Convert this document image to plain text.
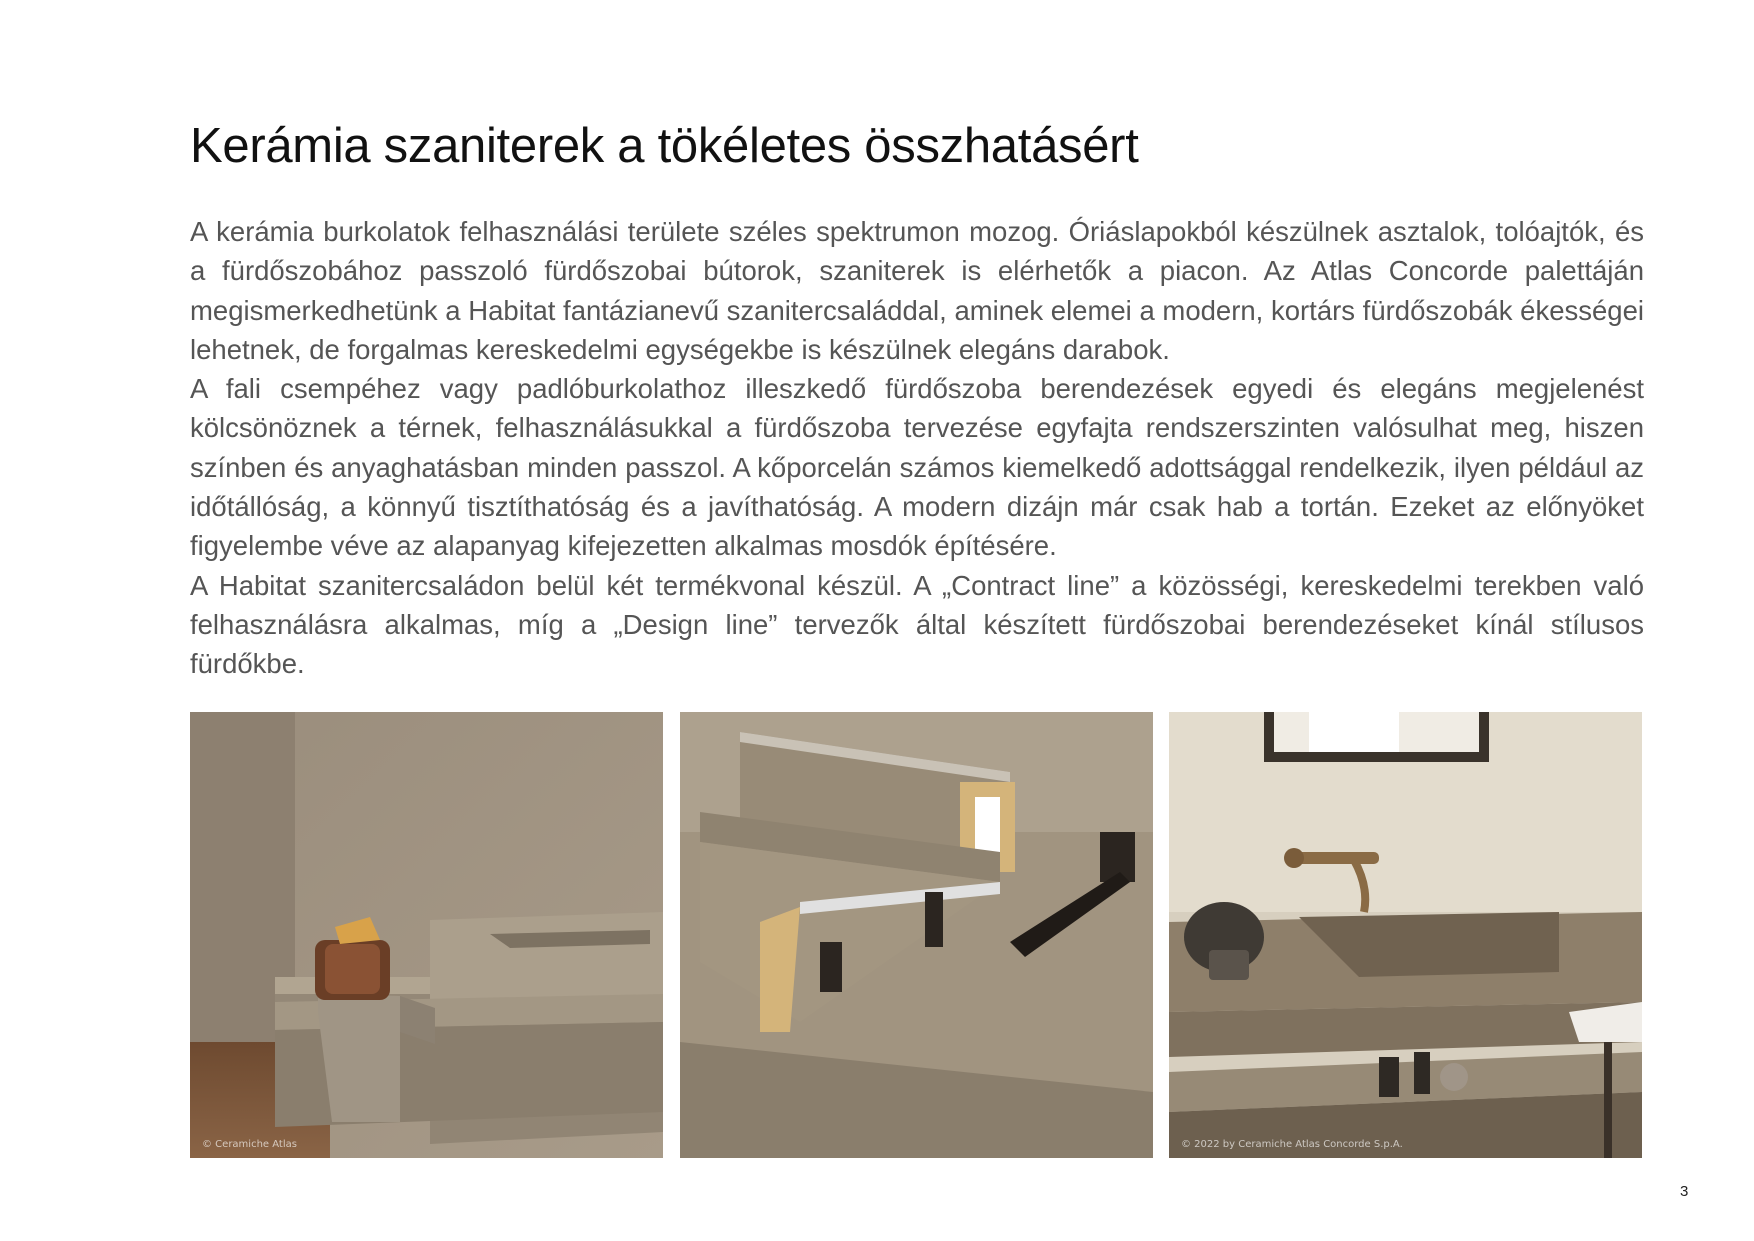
Kerámia szaniterek a tökéletes összhatásért

A kerámia burkolatok felhasználási területe széles spektrumon mozog. Óriáslapokból készülnek asztalok, tolóajtók, és a fürdőszobához passzoló fürdőszobai bútorok, szaniterek is elérhetők a piacon. Az Atlas Concorde palettáján megismerkedhetünk a Habitat fantázianevű szanitercsaláddal, aminek elemei a modern, kortárs fürdőszobák ékességei lehetnek, de forgalmas kereskedelmi egységekbe is készülnek elegáns darabok.

A fali csempéhez vagy padlóburkolathoz illeszkedő fürdőszoba berendezések egyedi és elegáns megjelenést kölcsönöznek a térnek, felhasználásukkal a fürdőszoba tervezése egyfajta rendszerszinten valósulhat meg, hiszen színben és anyaghatásban minden passzol. A kőporcelán számos kiemelkedő adottsággal rendelkezik, ilyen például az időtállóság, a könnyű tisztíthatóság és a javíthatóság. A modern dizájn már csak hab a tortán. Ezeket az előnyöket figyelembe véve az alapanyag kifejezetten alkalmas mosdók építésére.

A Habitat szanitercsaládon belül két termékvonal készül. A „Contract line” a közösségi, kereskedelmi terekben való felhasználásra alkalmas, míg a „Design line” tervezők által készített fürdőszobai berendezéseket kínál stílusos fürdőkbe.

© Ceramiche Atlas	© 2022 by Ceramiche Atlas Concorde S.p.A.
3
